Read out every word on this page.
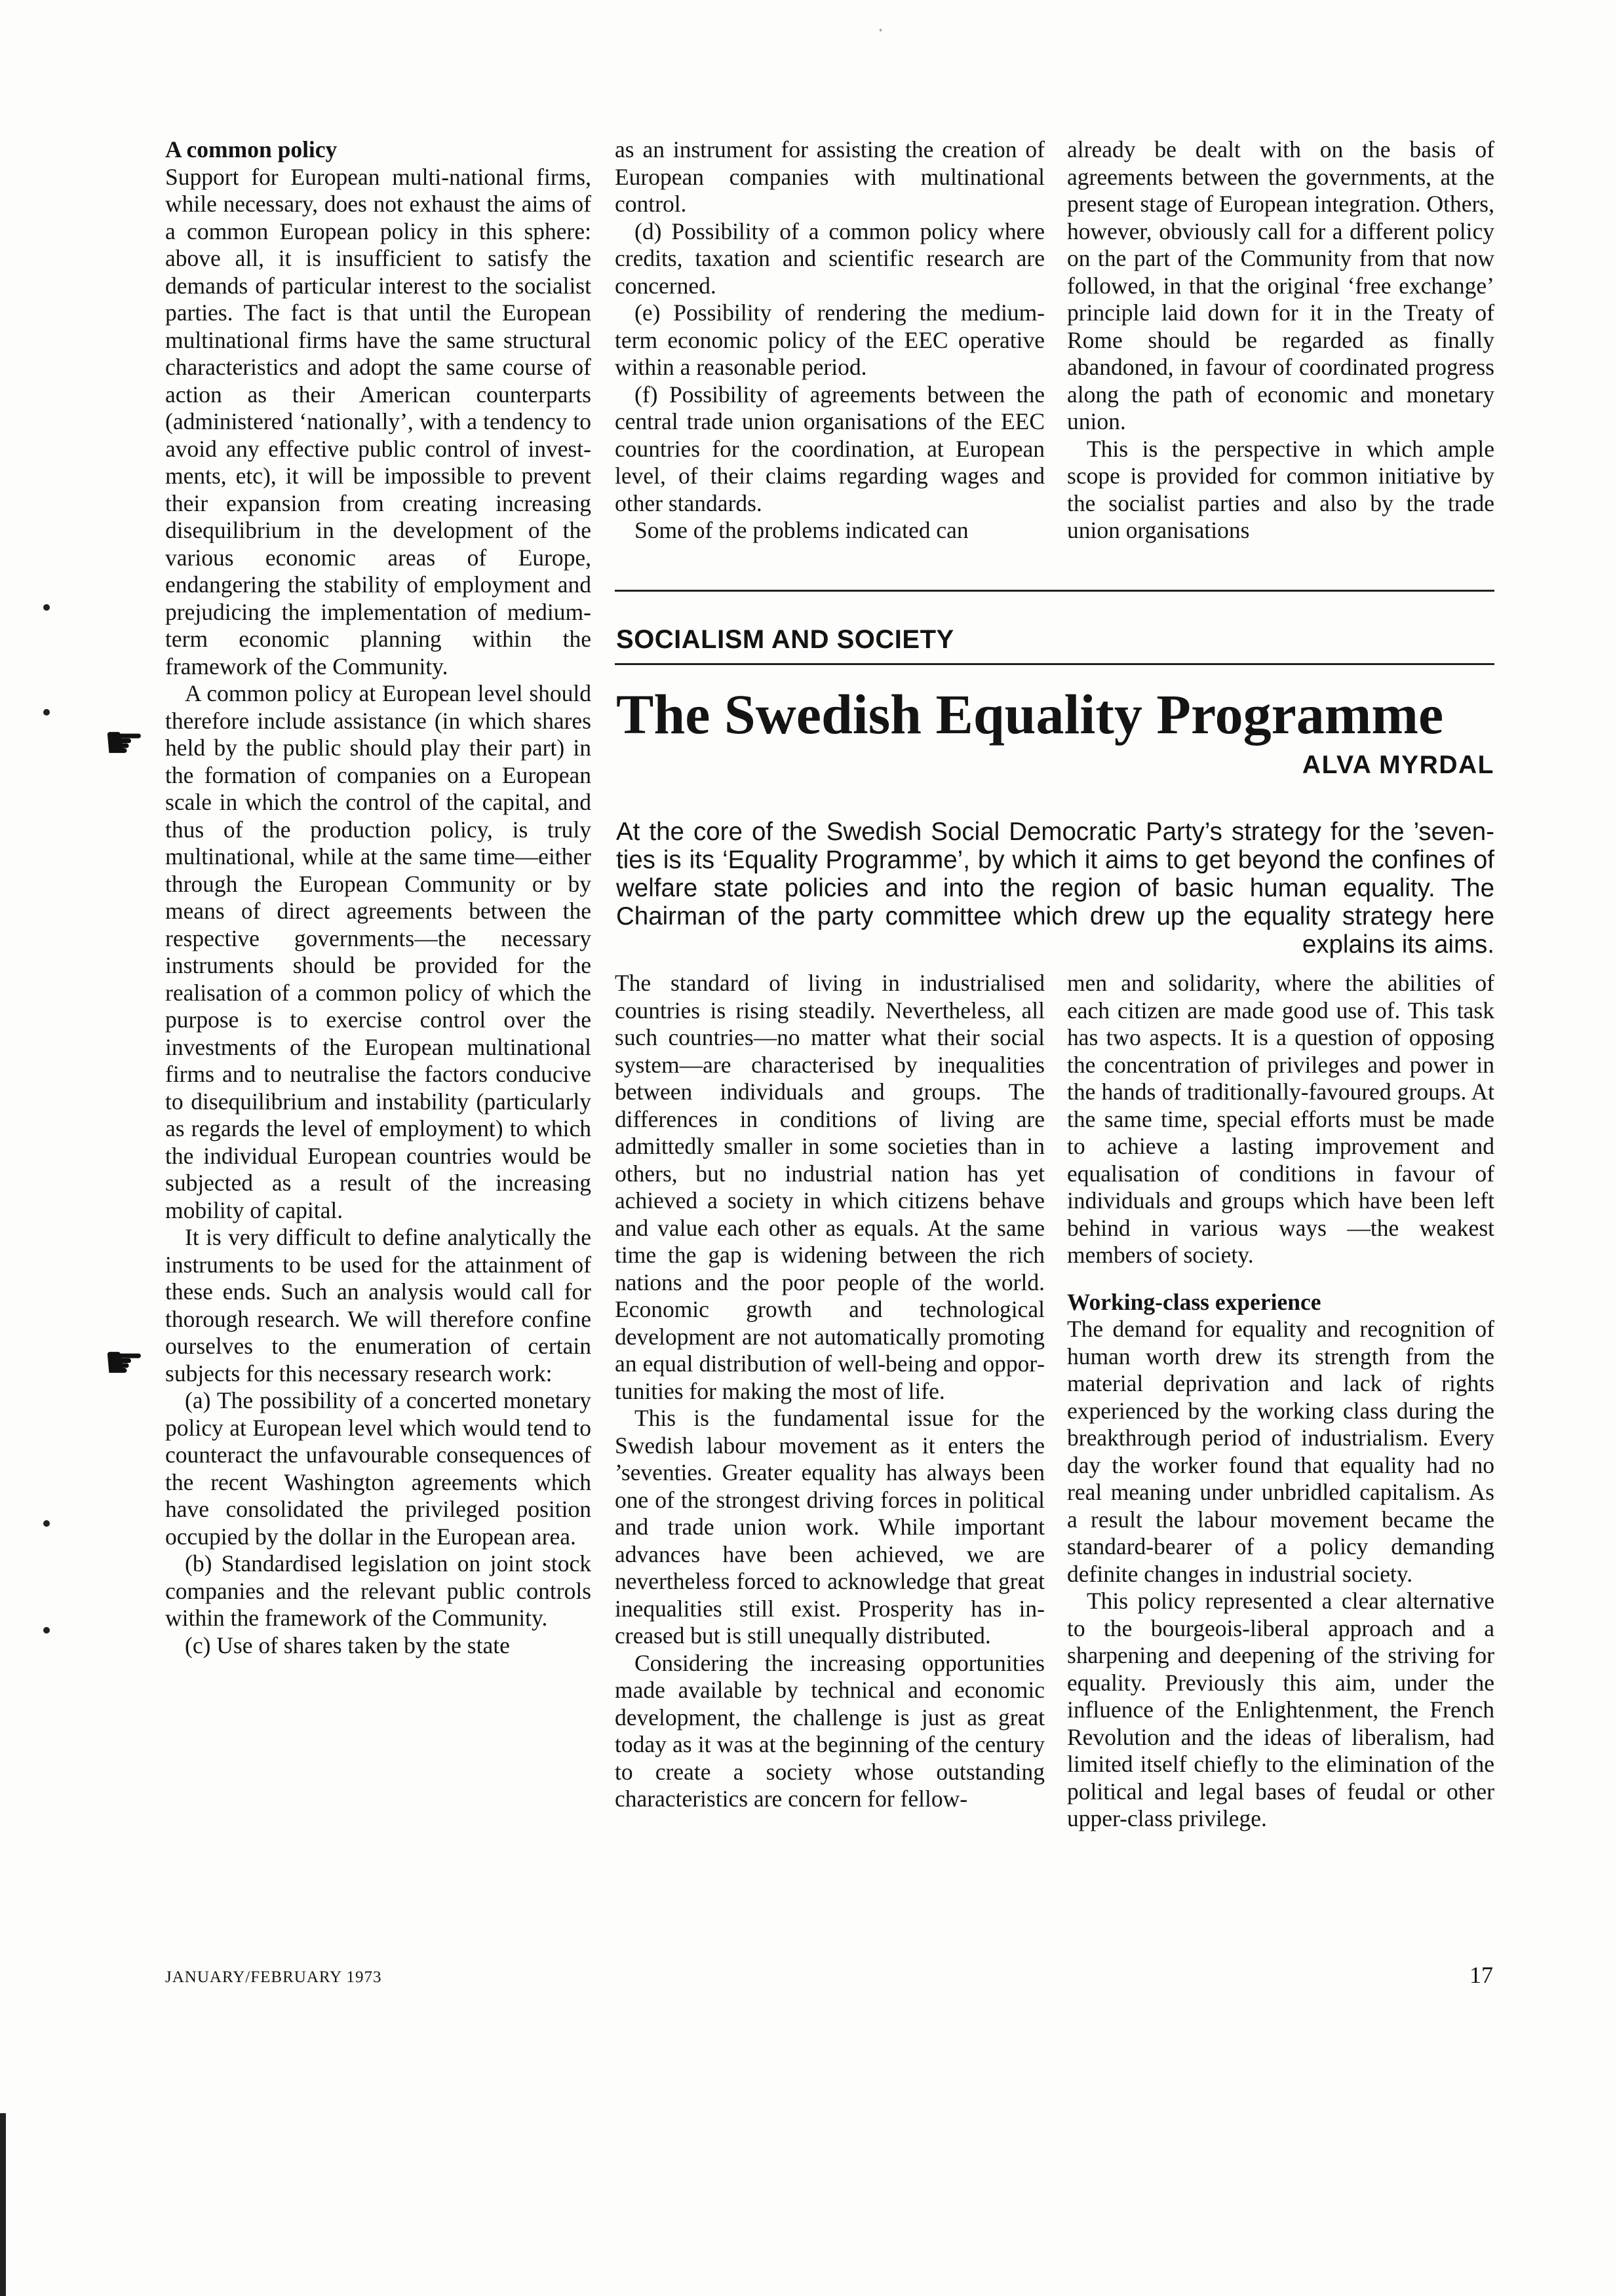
A common policy

Support for European multi-national firms, while necessary, does not exhaust the aims of a common European policy in this sphere: above all, it is insufficient to satisfy the demands of particular interest to the socialist parties. The fact is that until the European multinational firms have the same structural characteristics and adopt the same course of action as their American counterparts (administered ‘nationally’, with a tendency to avoid any effective public control of investments, etc), it will be impossible to prevent their expansion from creating increasing disequilibrium in the development of the various economic areas of Europe, endangering the stability of employment and prejudicing the implementation of medium-term economic planning within the framework of the Community.

A common policy at European level should therefore include assistance (in which shares held by the public should play their part) in the formation of companies on a European scale in which the control of the capital, and thus of the production policy, is truly multinational, while at the same time—either through the European Community or by means of direct agreements between the respective governments—the necessary instruments should be provided for the realisation of a common policy of which the purpose is to exercise control over the investments of the European multinational firms and to neutralise the factors conducive to disequilibrium and instability (particularly as regards the level of employment) to which the individual European countries would be subjected as a result of the increasing mobility of capital.

It is very difficult to define analytically the instruments to be used for the attainment of these ends. Such an analysis would call for thorough research. We will therefore confine ourselves to the enumeration of certain subjects for this necessary research work:

(a) The possibility of a concerted monetary policy at European level which would tend to counteract the unfavourable consequences of the recent Washington agreements which have consolidated the privileged position occupied by the dollar in the European area.

(b) Standardised legislation on joint stock companies and the relevant public controls within the framework of the Community.

(c) Use of shares taken by the state

as an instrument for assisting the creation of European companies with multinational control.

(d) Possibility of a common policy where credits, taxation and scientific research are concerned.

(e) Possibility of rendering the medium-term economic policy of the EEC operative within a reasonable period.

(f) Possibility of agreements between the central trade union organisations of the EEC countries for the coordination, at European level, of their claims regarding wages and other standards.

Some of the problems indicated can

already be dealt with on the basis of agreements between the governments, at the present stage of European integration. Others, however, obviously call for a different policy on the part of the Community from that now followed, in that the original ‘free exchange’ principle laid down for it in the Treaty of Rome should be regarded as finally abandoned, in favour of coordinated progress along the path of economic and monetary union.

This is the perspective in which ample scope is provided for common initiative by the socialist parties and also by the trade union organisations

SOCIALISM AND SOCIETY
The Swedish Equality Programme
ALVA MYRDAL
At the core of the Swedish Social Democratic Party’s strategy for the ’seventies is its ‘Equality Programme’, by which it aims to get beyond the confines of welfare state policies and into the region of basic human equality. The Chairman of the party committee which drew up the equality strategy here explains its aims.

The standard of living in industrialised countries is rising steadily. Nevertheless, all such countries—no matter what their social system—are characterised by inequalities between individuals and groups. The differences in conditions of living are admittedly smaller in some societies than in others, but no industrial nation has yet achieved a society in which citizens behave and value each other as equals. At the same time the gap is widening between the rich nations and the poor people of the world. Economic growth and technological development are not automatically promoting an equal distribution of well-being and opportunities for making the most of life.

This is the fundamental issue for the Swedish labour movement as it enters the ’seventies. Greater equality has always been one of the strongest driving forces in political and trade union work. While important advances have been achieved, we are nevertheless forced to acknowledge that great inequalities still exist. Prosperity has increased but is still unequally distributed.

Considering the increasing opportunities made available by technical and economic development, the challenge is just as great today as it was at the beginning of the century to create a society whose outstanding characteristics are concern for fellow-

men and solidarity, where the abilities of each citizen are made good use of. This task has two aspects. It is a question of opposing the concentration of privileges and power in the hands of traditionally-favoured groups. At the same time, special efforts must be made to achieve a lasting improvement and equalisation of conditions in favour of individuals and groups which have been left behind in various ways —the weakest members of society.

Working-class experience

The demand for equality and recognition of human worth drew its strength from the material deprivation and lack of rights experienced by the working class during the breakthrough period of industrialism. Every day the worker found that equality had no real meaning under unbridled capitalism. As a result the labour movement became the standard-bearer of a policy demanding definite changes in industrial society.

This policy represented a clear alternative to the bourgeois-liberal approach and a sharpening and deepening of the striving for equality. Previously this aim, under the influence of the Enlightenment, the French Revolution and the ideas of liberalism, had limited itself chiefly to the elimination of the political and legal bases of feudal or other upper-class privilege.

JANUARY/FEBRUARY 1973	17
☛
☛
